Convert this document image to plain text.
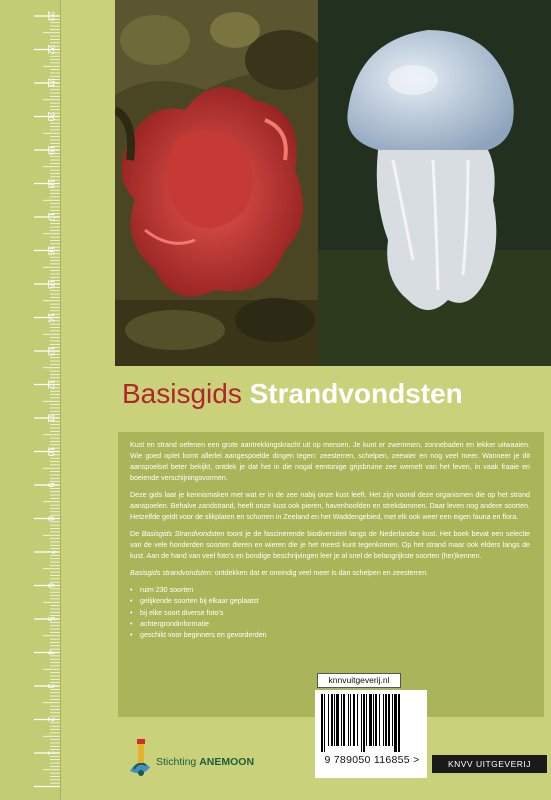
23
22
21
20
19
18
17
16
15
14
13
12
11
10
9
8
7
6
5
4
3
2
1
Basisgids Strandvondsten

Kust en strand oefenen een grote aantrekkingskracht uit op mensen. Je kunt er zwemmen, zonnebaden en lekker uitwaaien. Wie goed oplet komt allerlei aangespoelde dingen tegen: zeesterren, schelpen, zeewier en nog veel meer. Wanneer je dit aanspoelsel beter bekijkt, ontdek je dat het in die nogal eentonige grijsbruine zee wemelt van het leven, in vaak fraaie en boeiende verschijningsvormen.

Deze gids laat je kennismaken met wat er in de zee nabij onze kust leeft. Het zijn vooral deze organismen die op het strand aanspoelen. Behalve zandstrand, heeft onze kust ook pieren, havenhoofden en strekdammen. Daar leven nog andere soorten. Hetzelfde geldt voor de slikplaten en schorren in Zeeland en het Waddengebied, met elk ook weer een eigen fauna en flora.

De Basisgids Strandvondsten toont je de fascinerende biodiversiteit langs de Nederlandse kust. Het boek bevat een selectie van de vele honderden soorten dieren en wieren die je het meest kunt tegenkomen. Op het strand maar ook elders langs de kust. Aan de hand van veel foto's en bondige beschrijvingen leer je al snel de belangrijkste soorten (her)kennen.

Basisgids strandvondsten: ontdekken dat er oneindig veel meer is dan schelpen en zeesterren.

• ruim 230 soorten
• gelijkende soorten bij elkaar geplaatst
• bij elke soort diverse foto's
• achtergrondinformatie
• geschikt voor beginners en gevorderden
knnvuitgeverij.nl
9 789050 116855 >	KNVV UITGEVERIJ
Stichting ANEMOON
